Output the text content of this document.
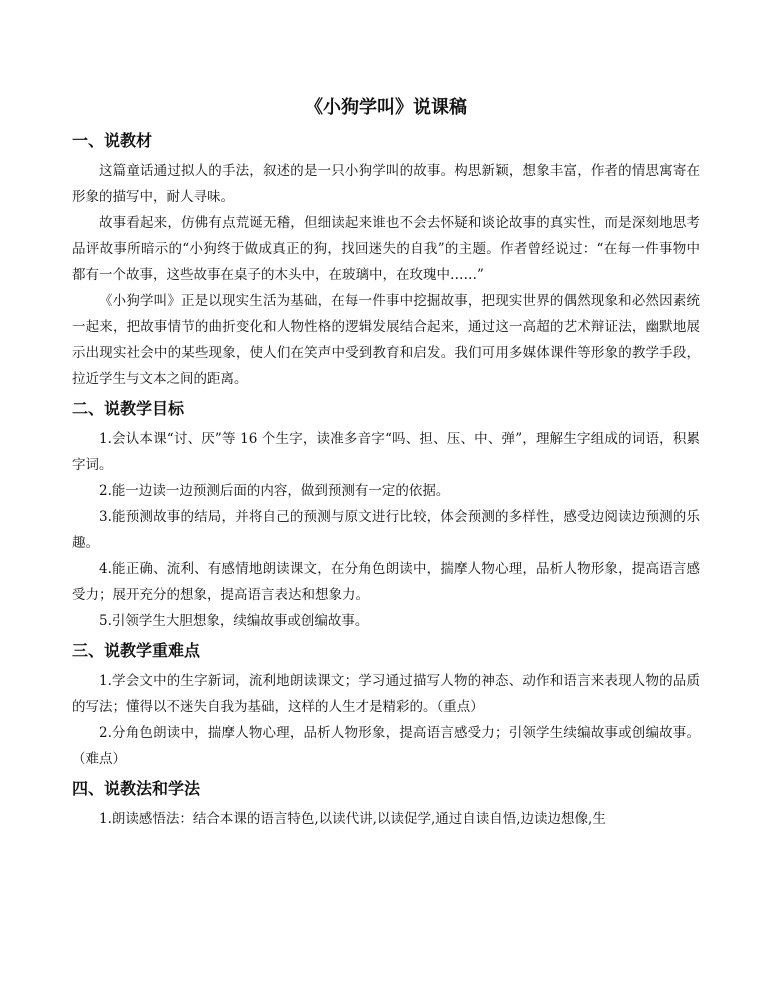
《小狗学叫》说课稿
一、说教材

这篇童话通过拟人的手法，叙述的是一只小狗学叫的故事。构思新颖，想象丰富，作者的情思寓寄在形象的描写中，耐人寻味。

故事看起来，仿佛有点荒诞无稽，但细读起来谁也不会去怀疑和谈论故事的真实性，而是深刻地思考品评故事所暗示的“小狗终于做成真正的狗，找回迷失的自我”的主题。作者曾经说过：“在每一件事物中都有一个故事，这些故事在桌子的木头中，在玻璃中，在玫瑰中……”

《小狗学叫》正是以现实生活为基础，在每一件事中挖掘故事，把现实世界的偶然现象和必然因素统一起来，把故事情节的曲折变化和人物性格的逻辑发展结合起来，通过这一高超的艺术辩证法，幽默地展示出现实社会中的某些现象，使人们在笑声中受到教育和启发。我们可用多媒体课件等形象的教学手段，拉近学生与文本之间的距离。

二、说教学目标

1.会认本课“讨、厌”等 16 个生字，读准多音字“吗、担、压、中、弹”，理解生字组成的词语，积累字词。

2.能一边读一边预测后面的内容，做到预测有一定的依据。

3.能预测故事的结局，并将自己的预测与原文进行比较，体会预测的多样性，感受边阅读边预测的乐趣。

4.能正确、流利、有感情地朗读课文，在分角色朗读中，揣摩人物心理，品析人物形象，提高语言感受力；展开充分的想象，提高语言表达和想象力。

5.引领学生大胆想象，续编故事或创编故事。

三、说教学重难点

1.学会文中的生字新词，流利地朗读课文；学习通过描写人物的神态、动作和语言来表现人物的品质的写法；懂得以不迷失自我为基础，这样的人生才是精彩的。（重点）

2.分角色朗读中，揣摩人物心理，品析人物形象，提高语言感受力；引领学生续编故事或创编故事。（难点）

四、说教法和学法

1.朗读感悟法：结合本课的语言特色,以读代讲,以读促学,通过自读自悟,边读边想像,生
